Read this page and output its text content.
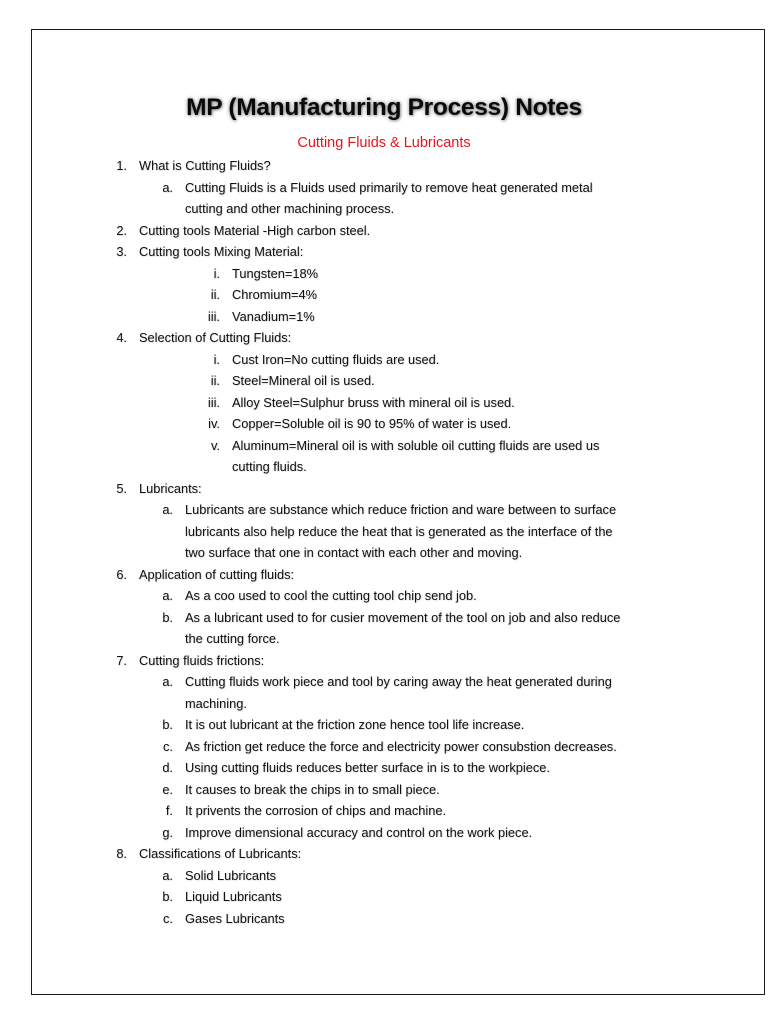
MP (Manufacturing Process) Notes
Cutting Fluids & Lubricants
1. What is Cutting Fluids?
a. Cutting Fluids is a Fluids used primarily to remove heat generated metal
cutting and other machining process.
2. Cutting tools Material -High carbon steel.
3. Cutting tools Mixing Material:
i. Tungsten=18%
ii. Chromium=4%
iii. Vanadium=1%
4. Selection of Cutting Fluids:
i. Cust Iron=No cutting fluids are used.
ii. Steel=Mineral oil is used.
iii. Alloy Steel=Sulphur bruss with mineral oil is used.
iv. Copper=Soluble oil is 90 to 95% of water is used.
v. Aluminum=Mineral oil is with soluble oil cutting fluids are used us
cutting fluids.
5. Lubricants:
a. Lubricants are substance which reduce friction and ware between to surface
lubricants also help reduce the heat that is generated as the interface of the
two surface that one in contact with each other and moving.
6. Application of cutting fluids:
a. As a coo used to cool the cutting tool chip send job.
b. As a lubricant used to for cusier movement of the tool on job and also reduce
the cutting force.
7. Cutting fluids frictions:
a. Cutting fluids work piece and tool by caring away the heat generated during
machining.
b. It is out lubricant at the friction zone hence tool life increase.
c. As friction get reduce the force and electricity power consubstion decreases.
d. Using cutting fluids reduces better surface in is to the workpiece.
e. It causes to break the chips in to small piece.
f. It privents the corrosion of chips and machine.
g. Improve dimensional accuracy and control on the work piece.
8. Classifications of Lubricants:
a. Solid Lubricants
b. Liquid Lubricants
c. Gases Lubricants
